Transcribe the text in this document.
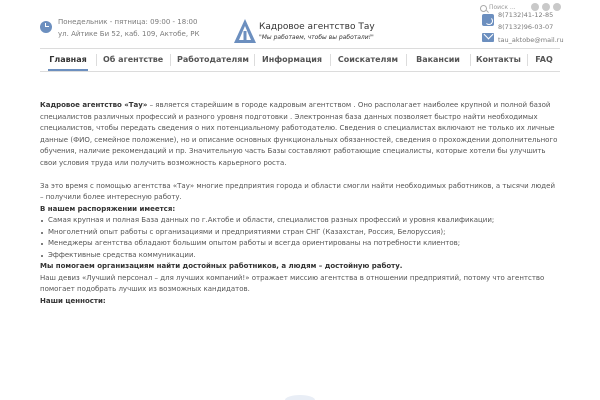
Понедельник - пятница: 09:00 - 18:00
ул. Айтике Би 52, каб. 109, Актобе, РК
Кадровое агентство Тау
"Мы работаем, чтобы вы работали!"
Поиск ...
8(7132)41-12-85
8(7132)96-03-07
tau_aktobe@mail.ru
Главная Об агентстве Работодателям Информация Соискателям	Вакансии	Контакты FAQ

Кадровое агентство «Тау» – является старейшим в городе кадровым агентством . Оно располагает наиболее крупной и полной базой специалистов различных профессий и разного уровня подготовки . Электронная база данных позволяет быстро найти необходимых специалистов, чтобы передать сведения о них потенциальному работодателю. Сведения о специалистах включают не только их личные данные (ФИО, семейное положение), но и описание основных функциональных обязанностей, сведения о прохождении дополнительного обучения, наличие рекомендаций и пр. Значительную часть Базы составляют работающие специалисты, которые хотели бы улучшить свои условия труда или получить возможность карьерного роста.

За это время с помощью агентства «Тау» многие предприятия города и области смогли найти необходимых работников, а тысячи людей – получили более интересную работу.

В нашем распоряжении имеется:

Самая крупная и полная База данных по г.Актобе и области, специалистов разных профессий и уровня квалификации;
Многолетний опыт работы с организациями и предприятиями стран СНГ (Казахстан, Россия, Белоруссия);
Менеджеры агентства обладают большим опытом работы и всегда ориентированы на потребности клиентов;
Эффективные средства коммуникации.

Мы помогаем организациям найти достойных работников, а людям – достойную работу.

Наш девиз «Лучший персонал – для лучших компаний!» отражает миссию агентства в отношении предприятий, потому что агентство помогает подобрать лучших из возможных кандидатов.

Наши ценности:
